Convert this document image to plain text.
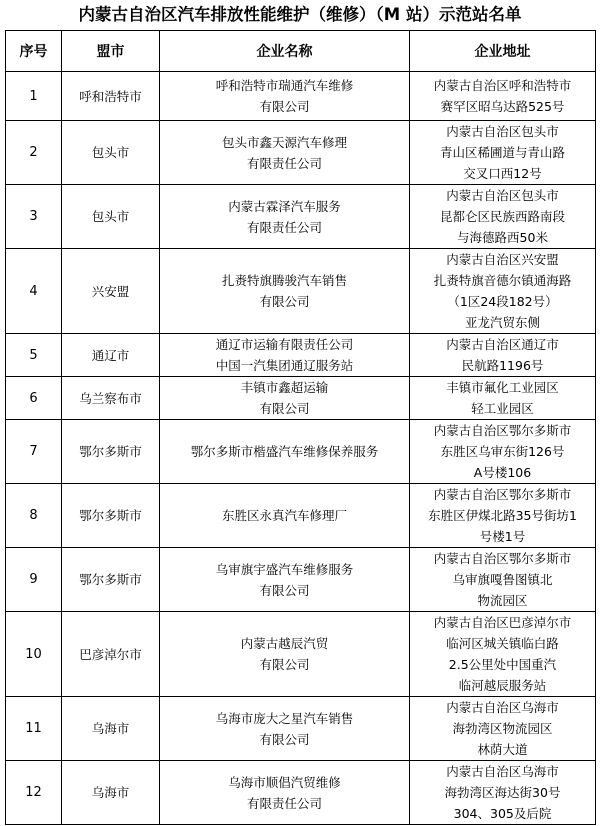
内蒙古自治区汽车排放性能维护（维修）（M 站）示范站名单
序号	盟市	企业名称	企业地址
1	呼和浩特市	呼和浩特市瑞通汽车维修
有限公司	内蒙古自治区呼和浩特市
赛罕区昭乌达路525号

2	包头市	包头市鑫天源汽车修理
有限责任公司	内蒙古自治区包头市
青山区稀圃道与青山路
交叉口西12号

3	包头市	内蒙古霖泽汽车服务
有限责任公司	内蒙古自治区包头市
昆都仑区民族西路南段
与海德路西50米

4	兴安盟	扎赉特旗腾骏汽车销售
有限公司	内蒙古自治区兴安盟
扎赉特旗音德尔镇通海路
（1区24段182号）
亚龙汽贸东侧

5	通辽市	通辽市运输有限责任公司
中国一汽集团通辽服务站	内蒙古自治区通辽市
民航路1196号

6	乌兰察布市	丰镇市鑫超运输
有限公司	丰镇市氟化工业园区
轻工业园区

7	鄂尔多斯市	鄂尔多斯市楷盛汽车维修保养服务	内蒙古自治区鄂尔多斯市
东胜区乌审东街126号
A号楼106

8	鄂尔多斯市	东胜区永真汽车修理厂	内蒙古自治区鄂尔多斯市
东胜区伊煤北路35号街坊1
号楼1号

9	鄂尔多斯市	乌审旗宇盛汽车维修服务
有限公司	内蒙古自治区鄂尔多斯市
乌审旗嘎鲁图镇北
物流园区

10	巴彦淖尔市	内蒙古越辰汽贸
有限公司	内蒙古自治区巴彦淖尔市
临河区城关镇临白路
2.5公里处中国重汽
临河越辰服务站

11	乌海市	乌海市庞大之星汽车销售
有限公司	内蒙古自治区乌海市
海勃湾区物流园区
林荫大道

12	乌海市	乌海市顺倡汽贸维修
有限责任公司	内蒙古自治区乌海市
海勃湾区海达街30号
304、305及后院
